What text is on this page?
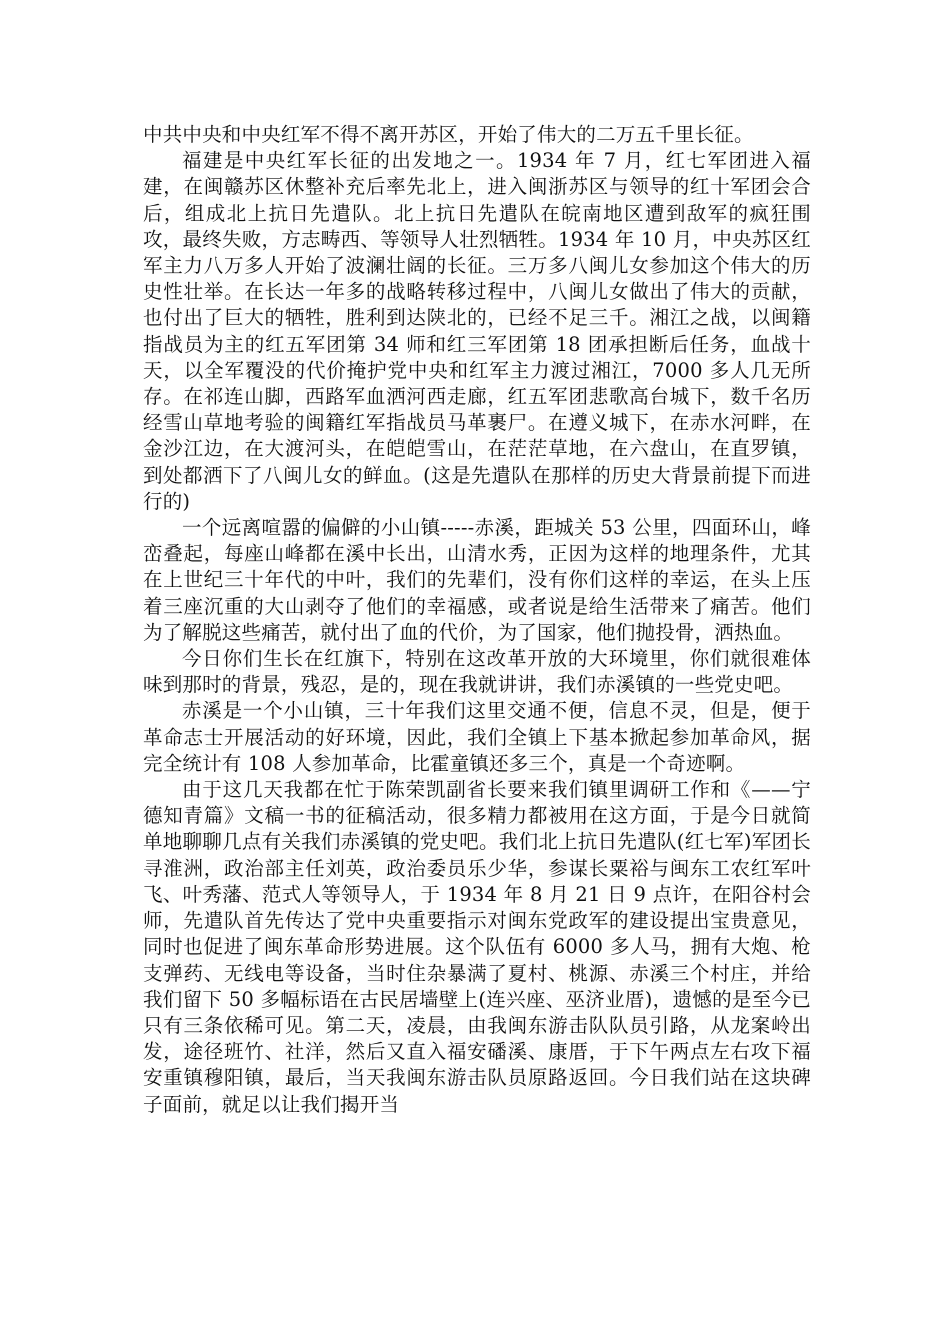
中共中央和中央红军不得不离开苏区，开始了伟大的二万五千里长征。

福建是中央红军长征的出发地之一。1934 年 7 月，红七军团进入福建，在闽赣苏区休整补充后率先北上，进入闽浙苏区与领导的红十军团会合后，组成北上抗日先遣队。北上抗日先遣队在皖南地区遭到敌军的疯狂围攻，最终失败，方志畴西、等领导人壮烈牺牲。1934 年 10 月，中央苏区红军主力八万多人开始了波澜壮阔的长征。三万多八闽儿女参加这个伟大的历史性壮举。在长达一年多的战略转移过程中，八闽儿女做出了伟大的贡献，也付出了巨大的牺牲，胜利到达陕北的，已经不足三千。湘江之战，以闽籍指战员为主的红五军团第 34 师和红三军团第 18 团承担断后任务，血战十天，以全军覆没的代价掩护党中央和红军主力渡过湘江，7000 多人几无所存。在祁连山脚，西路军血洒河西走廊，红五军团悲歌高台城下，数千名历经雪山草地考验的闽籍红军指战员马革裹尸。在遵义城下，在赤水河畔，在金沙江边，在大渡河头，在皑皑雪山，在茫茫草地，在六盘山，在直罗镇，到处都洒下了八闽儿女的鲜血。(这是先遣队在那样的历史大背景前提下而进行的)

一个远离喧嚣的偏僻的小山镇-----赤溪，距城关 53 公里，四面环山，峰峦叠起，每座山峰都在溪中长出，山清水秀，正因为这样的地理条件，尤其在上世纪三十年代的中叶，我们的先辈们，没有你们这样的幸运，在头上压着三座沉重的大山剥夺了他们的幸福感，或者说是给生活带来了痛苦。他们为了解脱这些痛苦，就付出了血的代价，为了国家，他们抛投骨，洒热血。

今日你们生长在红旗下，特别在这改革开放的大环境里，你们就很难体味到那时的背景，残忍，是的，现在我就讲讲，我们赤溪镇的一些党史吧。

赤溪是一个小山镇，三十年我们这里交通不便，信息不灵，但是，便于革命志士开展活动的好环境，因此，我们全镇上下基本掀起参加革命风，据完全统计有 108 人参加革命，比霍童镇还多三个，真是一个奇迹啊。

由于这几天我都在忙于陈荣凯副省长要来我们镇里调研工作和《——宁德知青篇》文稿一书的征稿活动，很多精力都被用在这方面，于是今日就简单地聊聊几点有关我们赤溪镇的党史吧。我们北上抗日先遣队(红七军)军团长寻淮洲，政治部主任刘英，政治委员乐少华，参谋长粟裕与闽东工农红军叶飞、叶秀藩、范式人等领导人，于 1934 年 8 月 21 日 9 点许，在阳谷村会师，先遣队首先传达了党中央重要指示对闽东党政军的建设提出宝贵意见，同时也促进了闽东革命形势进展。这个队伍有 6000 多人马，拥有大炮、枪支弹药、无线电等设备，当时住杂暴满了夏村、桃源、赤溪三个村庄，并给我们留下 50 多幅标语在古民居墙壁上(连兴座、巫济业厝)，遗憾的是至今已只有三条依稀可见。第二天，凌晨，由我闽东游击队队员引路，从龙案岭出发，途径班竹、社洋，然后又直入福安磻溪、康厝，于下午两点左右攻下福安重镇穆阳镇，最后，当天我闽东游击队员原路返回。今日我们站在这块碑子面前，就足以让我们揭开当
